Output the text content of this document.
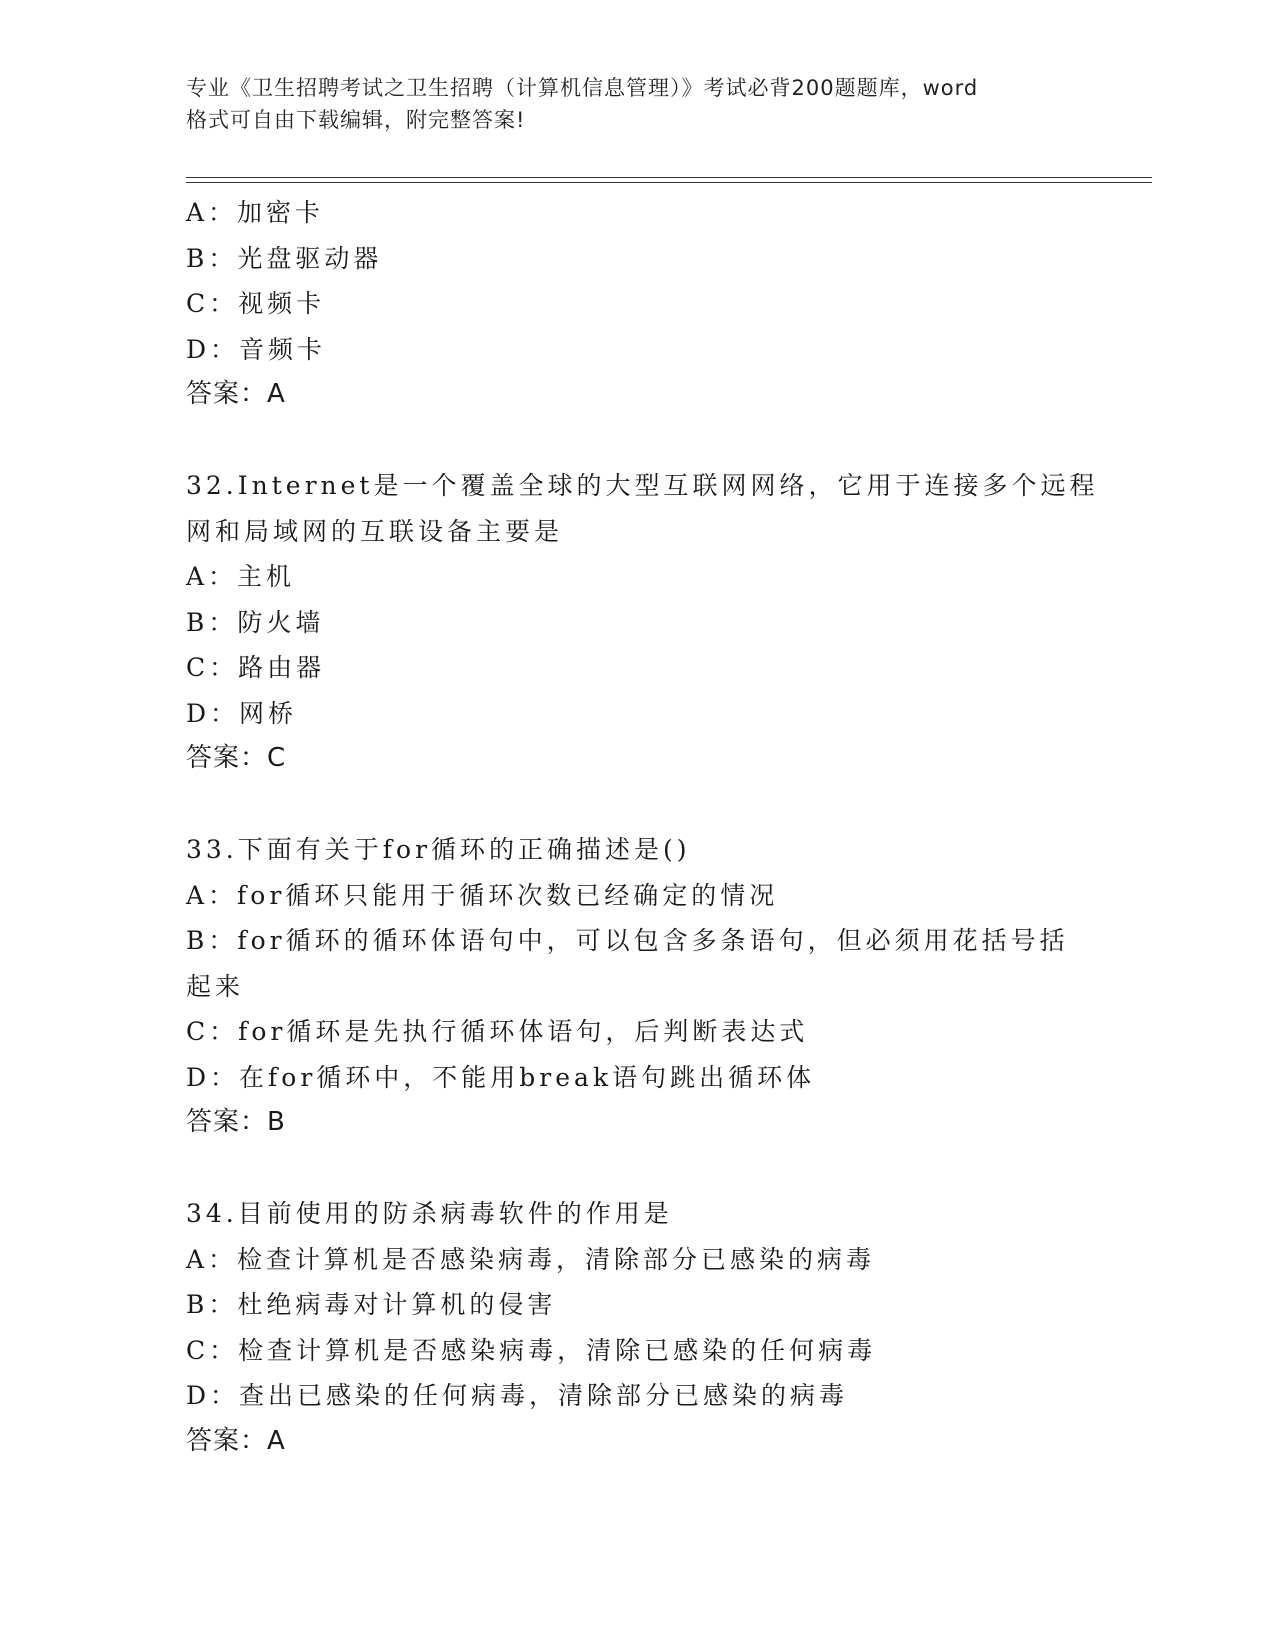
专业《卫生招聘考试之卫生招聘（计算机信息管理）》考试必背200题题库，word
格式可自由下载编辑，附完整答案!
A：加密卡
B：光盘驱动器
C：视频卡
D：音频卡
答案：A
32.Internet是一个覆盖全球的大型互联网网络，它用于连接多个远程
网和局域网的互联设备主要是
A：主机
B：防火墙
C：路由器
D：网桥
答案：C
33.下面有关于for循环的正确描述是()
A：for循环只能用于循环次数已经确定的情况
B：for循环的循环体语句中，可以包含多条语句，但必须用花括号括
起来
C：for循环是先执行循环体语句，后判断表达式
D：在for循环中，不能用break语句跳出循环体
答案：B
34.目前使用的防杀病毒软件的作用是
A：检查计算机是否感染病毒，清除部分已感染的病毒
B：杜绝病毒对计算机的侵害
C：检查计算机是否感染病毒，清除已感染的任何病毒
D：查出已感染的任何病毒，清除部分已感染的病毒
答案：A
